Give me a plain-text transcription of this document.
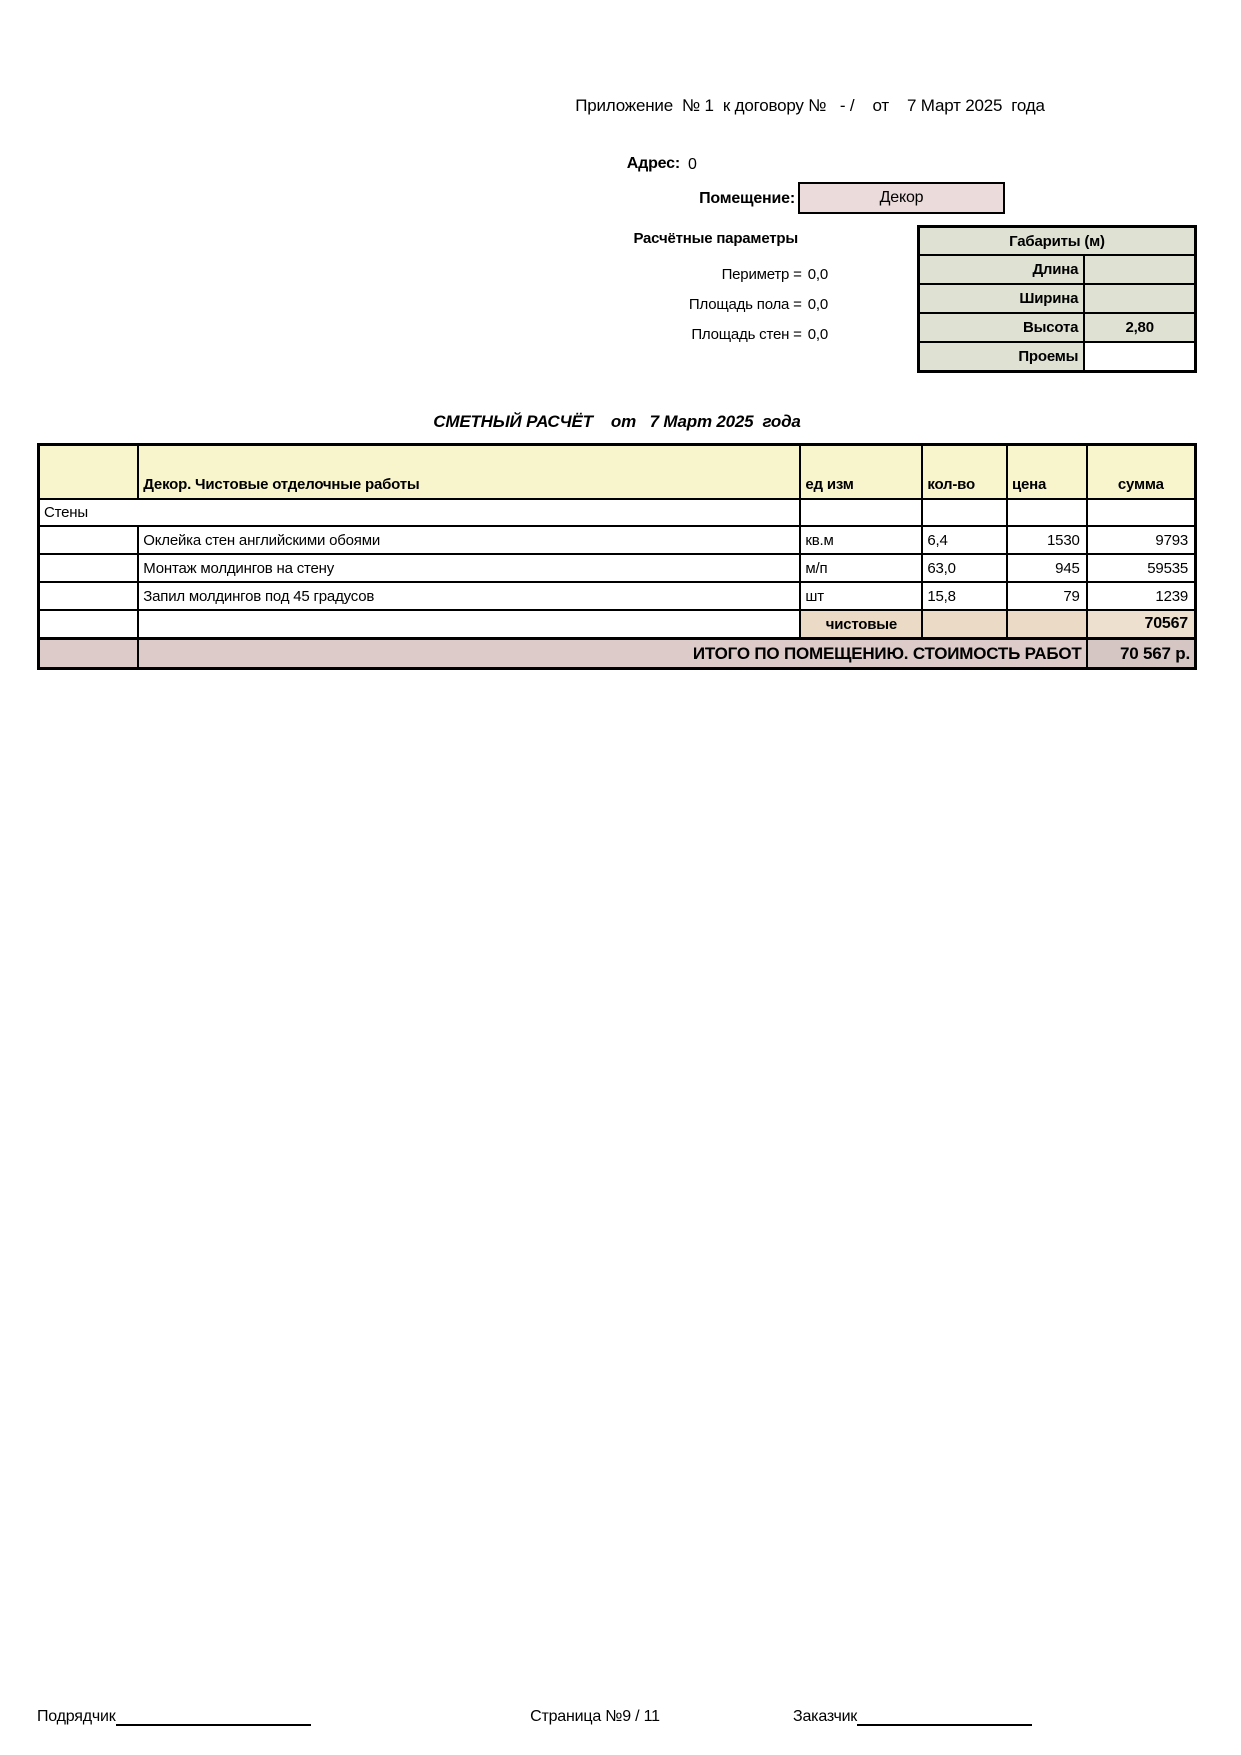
Приложение  № 1  к договору №   - /    от    7 Март 2025  года
Адрес: 0
Помещение:	Декор
Расчётные параметры
Периметр = 0,0
Площадь пола = 0,0
Площадь стен = 0,0
Габариты (м)	
Длина	
Ширина	
Высота	2,80
Проемы	
СМЕТНЫЙ РАСЧЁТ    от   7 Март 2025  года
	Декор. Чистовые отделочные работы	ед изм	кол-во	цена	сумма
Стены					
	Оклейка стен английскими обоями	кв.м	6,4	1530	9793
	Монтаж молдингов на стену	м/п	63,0	945	59535
	Запил молдингов под 45 градусов	шт	15,8	79	1239
		чистовые			70567
	ИТОГО ПО ПОМЕЩЕНИЮ. СТОИМОСТЬ РАБОТ				70 567 р.
Подрядчик	Страница №9 / 11	Заказчик
